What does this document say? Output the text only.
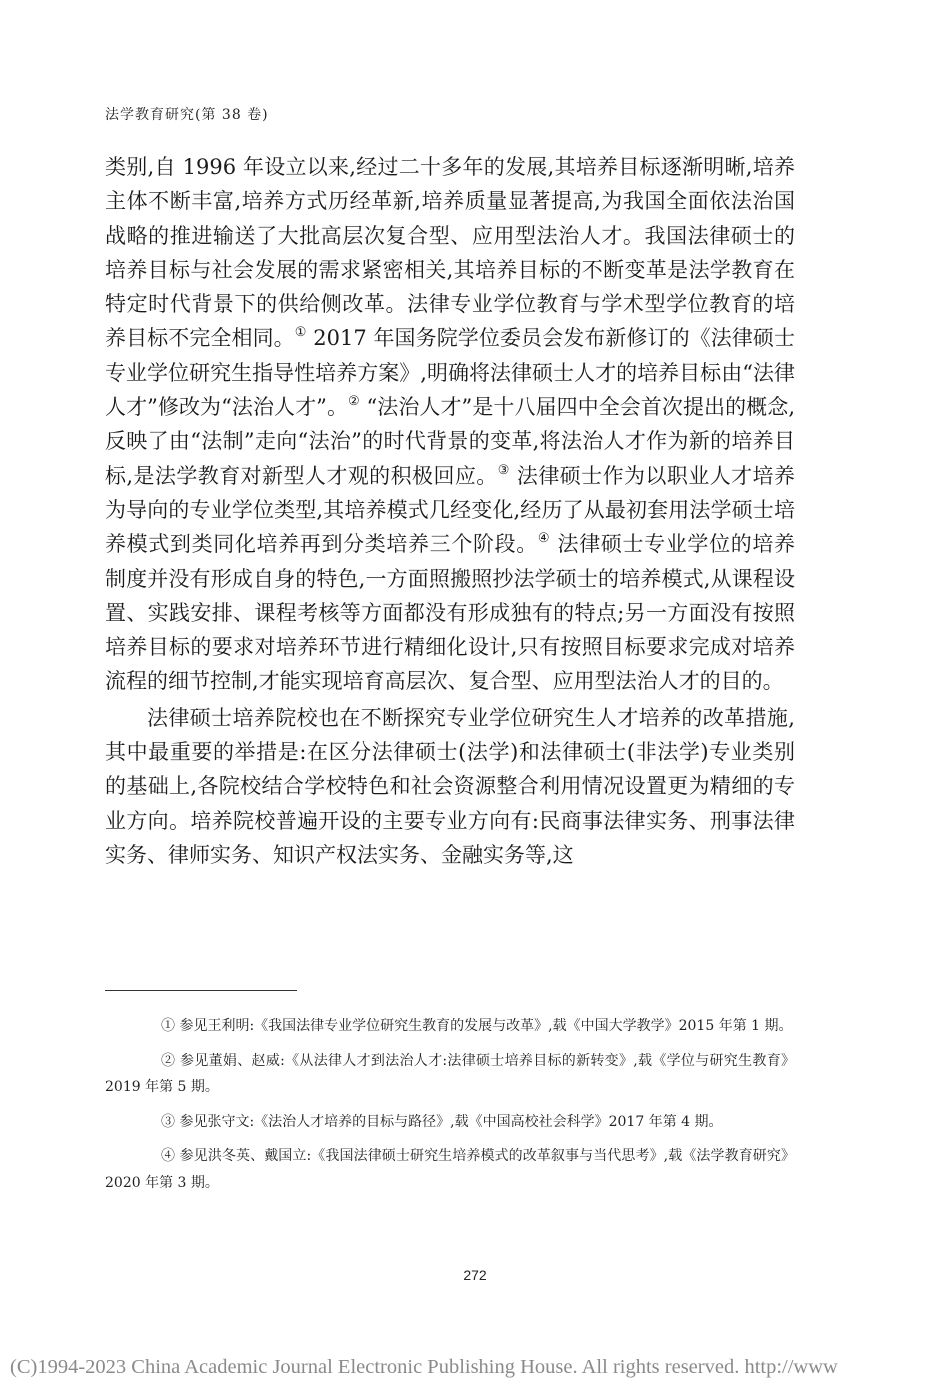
法学教育研究(第 38 卷)

类别,自 1996 年设立以来,经过二十多年的发展,其培养目标逐渐明晰,培养主体不断丰富,培养方式历经革新,培养质量显著提高,为我国全面依法治国战略的推进输送了大批高层次复合型、应用型法治人才。我国法律硕士的培养目标与社会发展的需求紧密相关,其培养目标的不断变革是法学教育在特定时代背景下的供给侧改革。法律专业学位教育与学术型学位教育的培养目标不完全相同。① 2017 年国务院学位委员会发布新修订的《法律硕士专业学位研究生指导性培养方案》,明确将法律硕士人才的培养目标由“法律人才”修改为“法治人才”。② “法治人才”是十八届四中全会首次提出的概念,反映了由“法制”走向“法治”的时代背景的变革,将法治人才作为新的培养目标,是法学教育对新型人才观的积极回应。③ 法律硕士作为以职业人才培养为导向的专业学位类型,其培养模式几经变化,经历了从最初套用法学硕士培养模式到类同化培养再到分类培养三个阶段。④ 法律硕士专业学位的培养制度并没有形成自身的特色,一方面照搬照抄法学硕士的培养模式,从课程设置、实践安排、课程考核等方面都没有形成独有的特点;另一方面没有按照培养目标的要求对培养环节进行精细化设计,只有按照目标要求完成对培养流程的细节控制,才能实现培育高层次、复合型、应用型法治人才的目的。

法律硕士培养院校也在不断探究专业学位研究生人才培养的改革措施,其中最重要的举措是:在区分法律硕士(法学)和法律硕士(非法学)专业类别的基础上,各院校结合学校特色和社会资源整合利用情况设置更为精细的专业方向。培养院校普遍开设的主要专业方向有:民商事法律实务、刑事法律实务、律师实务、知识产权法实务、金融实务等,这

① 参见王利明:《我国法律专业学位研究生教育的发展与改革》,载《中国大学教学》2015 年第 1 期。

② 参见董娟、赵威:《从法律人才到法治人才:法律硕士培养目标的新转变》,载《学位与研究生教育》2019 年第 5 期。

③ 参见张守文:《法治人才培养的目标与路径》,载《中国高校社会科学》2017 年第 4 期。

④ 参见洪冬英、戴国立:《我国法律硕士研究生培养模式的改革叙事与当代思考》,载《法学教育研究》2020 年第 3 期。

272
(C)1994-2023 China Academic Journal Electronic Publishing House. All rights reserved. http://www
